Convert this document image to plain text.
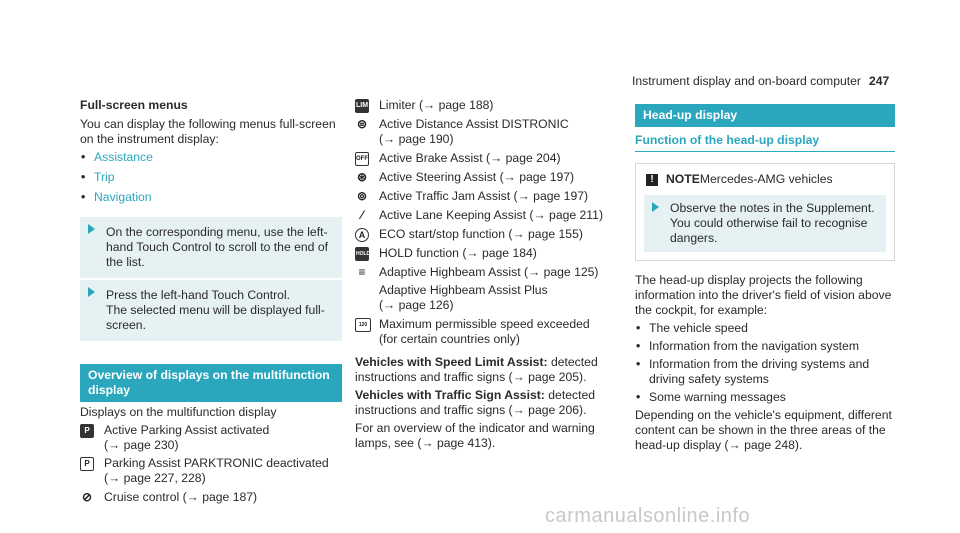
Instrument display and on-board computer 247
Full-screen menus

You can display the following menus full-screen on the instrument display:

• Assistance
• Trip
• Navigation

On the corresponding menu, use the left-hand Touch Control to scroll to the end of the list.

Press the left-hand Touch Control.

The selected menu will be displayed full-screen.

Overview of displays on the multifunction display

Displays on the multifunction display

P	Active Parking Assist activated

(→ page 230)

P	Parking Assist PARKTRONIC deactivated

(→ page 227, 228)

⊘ Cruise control (→ page 187)

LIM Limiter (→ page 188)

⊜ Active Distance Assist DISTRONIC

(→ page 190)

OFF Active Brake Assist (→ page 204)

⊛ Active Steering Assist (→ page 197)

⊚ Active Traffic Jam Assist (→ page 197)

⁄	Active Lane Keeping Assist (→ page 211)

A	ECO start/stop function (→ page 155)

HOLD HOLD function (→ page 184)

≡ Adaptive Highbeam Assist (→ page 125)

Adaptive Highbeam Assist Plus

(→ page 126)

120 Maximum permissible speed exceeded

(for certain countries only)

Vehicles with Speed Limit Assist: detected instructions and traffic signs (→ page 205).

Vehicles with Traffic Sign Assist: detected instructions and traffic signs (→ page 206).

For an overview of the indicator and warning lamps, see (→ page 413).

Head-up display
Function of the head-up display
!	NOTE Mercedes-AMG vehicles

Observe the notes in the Supplement. You could otherwise fail to recognise dangers.

The head-up display projects the following information into the driver's field of vision above the cockpit, for example:

• The vehicle speed
• Information from the navigation system
• Information from the driving systems and driving safety systems
• Some warning messages

Depending on the vehicle's equipment, different content can be shown in the three areas of the head-up display (→ page 248).

carmanualsonline.info
